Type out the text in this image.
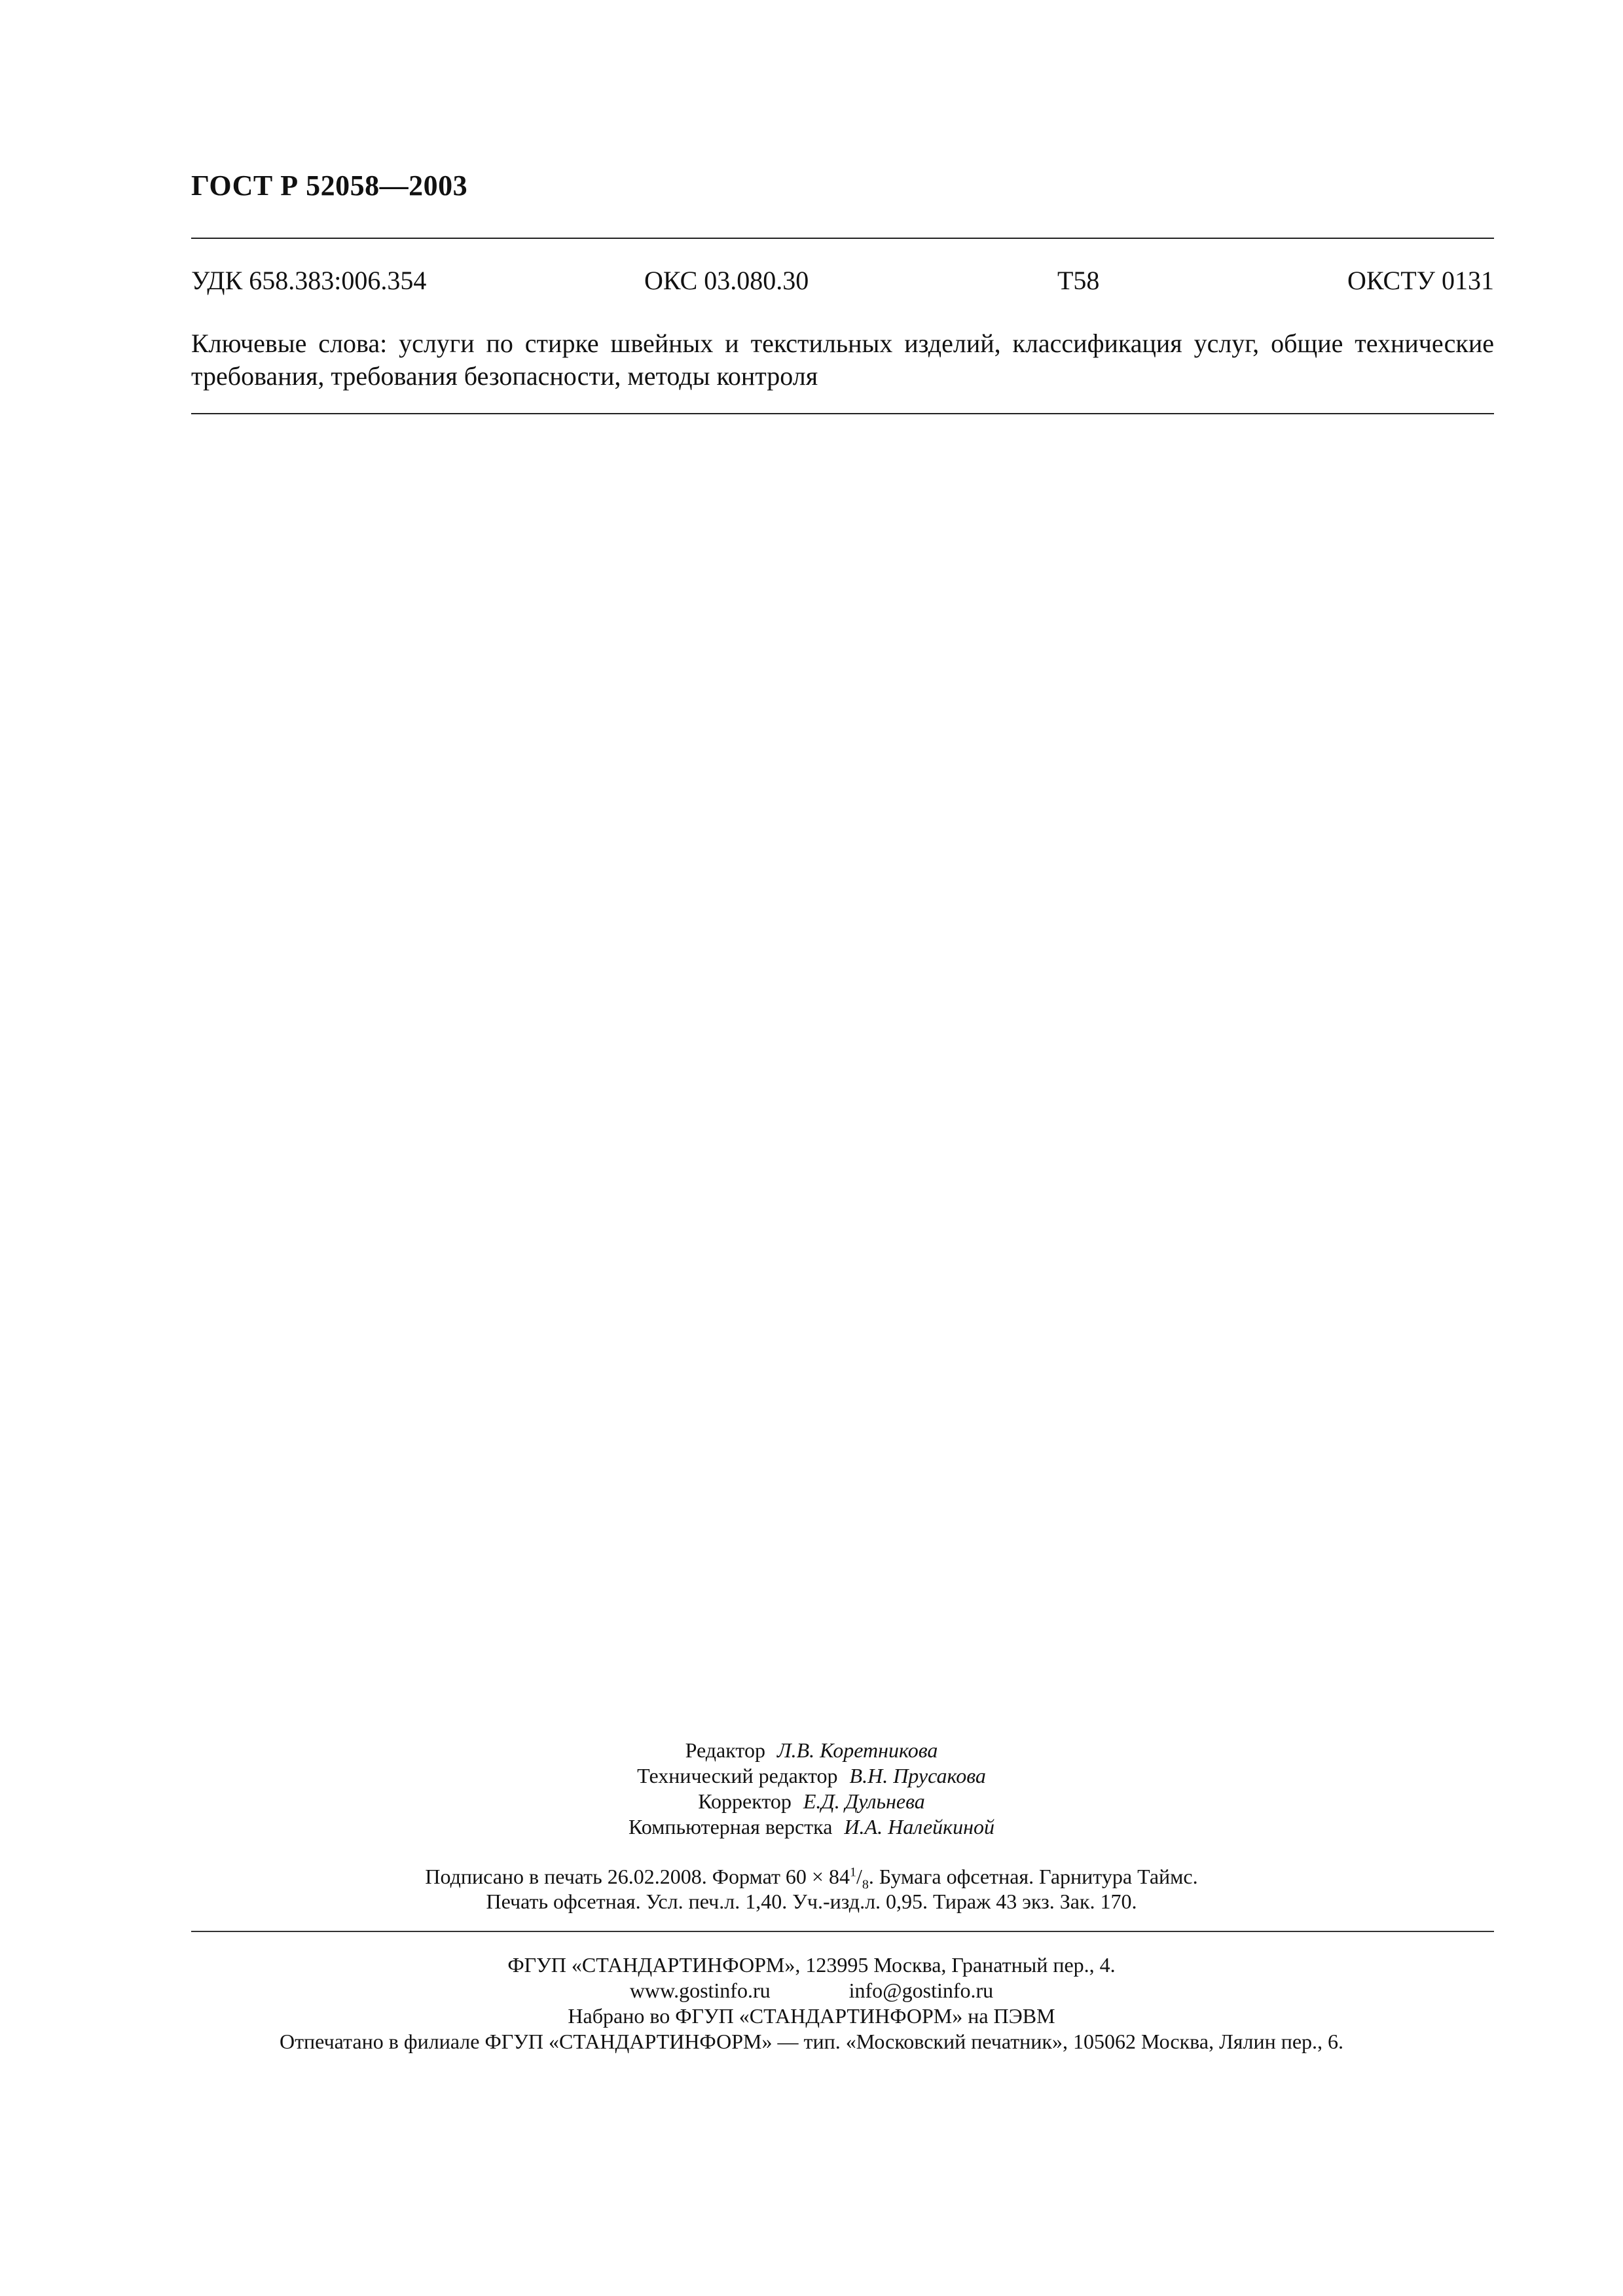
ГОСТ Р 52058—2003
УДК 658.383:006.354	ОКС 03.080.30	Т58	ОКСТУ 0131
Ключевые слова: услуги по стирке швейных и текстильных изделий, классификация услуг, общие технические требования, требования безопасности, методы контроля
Редактор Л.В. Коретникова
Технический редактор В.Н. Прусакова
Корректор Е.Д. Дульнева
Компьютерная верстка И.А. Налейкиной
Подписано в печать 26.02.2008. Формат $60 \times 84^1/_8$. Бумага офсетная. Гарнитура Таймс.
Печать офсетная. Усл. печ.л. 1,40. Уч.-изд.л. 0,95. Тираж 43 экз. Зак. 170.
ФГУП «СТАНДАРТИНФОРМ», 123995 Москва, Гранатный пер., 4.
www.gostinfo.ru	info@gostinfo.ru
Набрано во ФГУП «СТАНДАРТИНФОРМ» на ПЭВМ
Отпечатано в филиале ФГУП «СТАНДАРТИНФОРМ» — тип. «Московский печатник», 105062 Москва, Лялин пер., 6.
